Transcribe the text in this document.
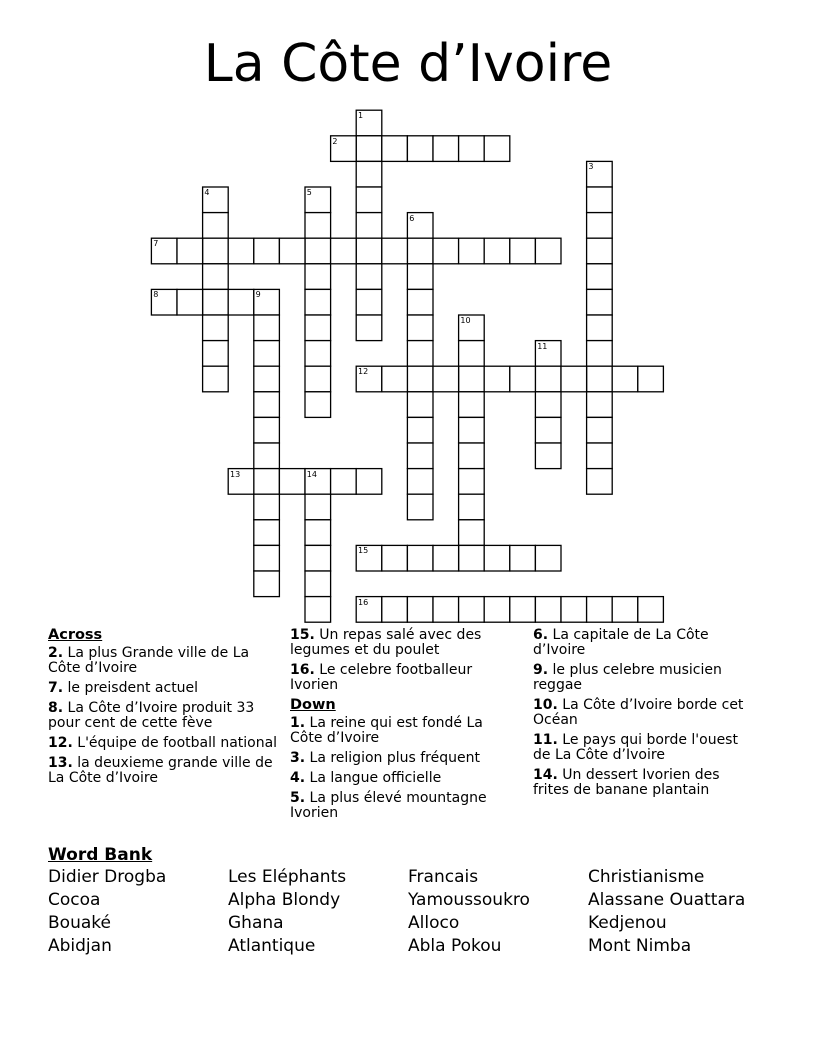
La Côte d’Ivoire
1
2
3
4	5
6
7
8	9
10
11
12
13	14
15
16
Across
2. La plus Grande ville de La Côte d’Ivoire
7. le preisdent actuel
8. La Côte d’Ivoire produit 33 pour cent de cette fève
12. L'équipe de football national
13. la deuxieme grande ville de La Côte d’Ivoire
15. Un repas salé avec des legumes et du poulet
16. Le celebre footballeur Ivorien
Down
1. La reine qui est fondé La Côte d’Ivoire
3. La religion plus fréquent
4. La langue officielle
5. La plus élevé mountagne Ivorien
6. La capitale de La Côte d’Ivoire
9. le plus celebre musicien reggae
10. La Côte d’Ivoire borde cet Océan
11. Le pays qui borde l'ouest de La Côte d’Ivoire
14. Un dessert Ivorien des frites de banane plantain
Word Bank
Didier Drogba	Les Eléphants	Francais	Christianisme
Cocoa	Alpha Blondy	Yamoussoukro	Alassane Ouattara
Bouaké	Ghana	Alloco	Kedjenou
Abidjan	Atlantique	Abla Pokou	Mont Nimba
